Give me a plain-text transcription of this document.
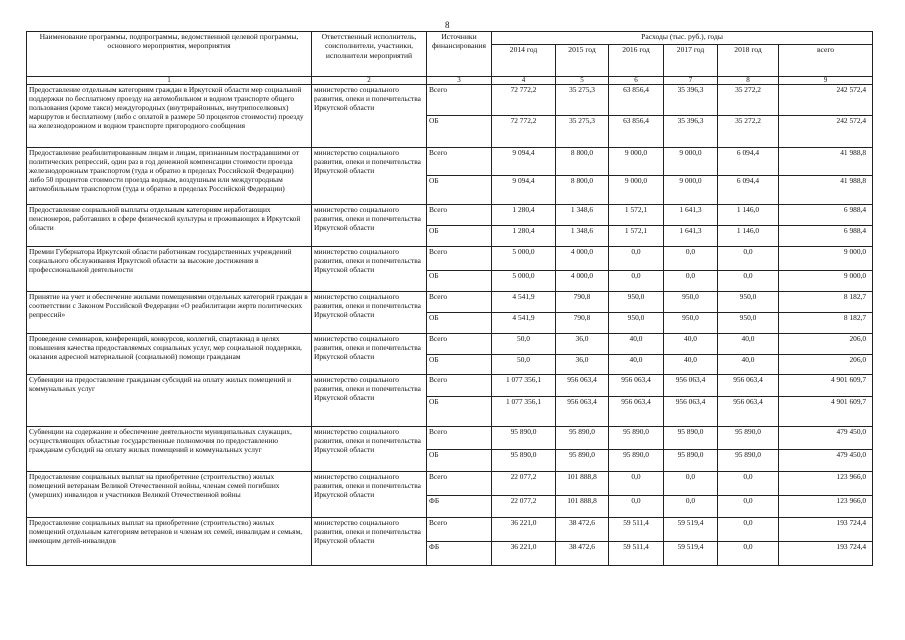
8
Наименование программы, подпрограммы, ведомственной целевой программы, основного мероприятия, мероприятия	Ответственный исполнитель, соисполнители, участники, исполнители мероприятий	Источники финансирования	Расходы (тыс. руб.), годы					
			2014 год	2015 год	2016 год	2017 год	2018 год	всего
1	2	3	4	5	6	7	8	9
Предоставление отдельным категориям граждан в Иркутской области мер социальной поддержки по бесплатному проезду на автомобильном и водном транспорте общего пользования (кроме такси) междугородных (внутрирайонных, внутрипоселковых) маршрутов и бесплатному (либо с оплатой в размере 50 процентов стоимости) проезду на железнодорожном и водном транспорте пригородного сообщения	министерство социального развития, опеки и попечительства Иркутской области	Всего	72 772,2	35 275,3	63 856,4	35 396,3	35 272,2	242 572,4
		ОБ	72 772,2	35 275,3	63 856,4	35 396,3	35 272,2	242 572,4
Предоставление реабилитированным лицам и лицам, признанным пострадавшими от политических репрессий, один раз в год денежной компенсации стоимости проезда железнодорожным транспортом (туда и обратно в пределах Российской Федерации) либо 50 процентов стоимости проезда водным, воздушным или междугородным автомобильным транспортом (туда и обратно в пределах Российской Федерации)	министерство социального развития, опеки и попечительства Иркутской области	Всего	9 094,4	8 800,0	9 000,0	9 000,0	6 094,4	41 988,8
		ОБ	9 094,4	8 800,0	9 000,0	9 000,0	6 094,4	41 988,8
Предоставление социальной выплаты отдельным категориям неработающих пенсионеров, работавших в сфере физической культуры и проживающих в Иркутской области	министерство социального развития, опеки и попечительства Иркутской области	Всего	1 280,4	1 348,6	1 572,1	1 641,3	1 146,0	6 988,4
		ОБ	1 280,4	1 348,6	1 572,1	1 641,3	1 146,0	6 988,4
Премии Губернатора Иркутской области работникам государственных учреждений социального обслуживания Иркутской области за высокие достижения в профессиональной деятельности	министерство социального развития, опеки и попечительства Иркутской области	Всего	5 000,0	4 000,0	0,0	0,0	0,0	9 000,0
		ОБ	5 000,0	4 000,0	0,0	0,0	0,0	9 000,0
Принятие на учет и обеспечение жилыми помещениями отдельных категорий граждан в соответствии с Законом Российской Федерации «О реабилитации жертв политических репрессий»	министерство социального развития, опеки и попечительства Иркутской области	Всего	4 541,9	790,8	950,0	950,0	950,0	8 182,7
		ОБ	4 541,9	790,8	950,0	950,0	950,0	8 182,7
Проведение семинаров, конференций, конкурсов, коллегий, спартакиад в целях повышения качества предоставляемых социальных услуг, мер социальной поддержки, оказания адресной материальной (социальной) помощи гражданам	министерство социального развития, опеки и попечительства Иркутской области	Всего	50,0	36,0	40,0	40,0	40,0	206,0
		ОБ	50,0	36,0	40,0	40,0	40,0	206,0
Субвенции на предоставление гражданам субсидий на оплату жилых помещений и коммунальных услуг	министерство социального развития, опеки и попечительства Иркутской области	Всего	1 077 356,1	956 063,4	956 063,4	956 063,4	956 063,4	4 901 609,7
		ОБ	1 077 356,1	956 063,4	956 063,4	956 063,4	956 063,4	4 901 609,7
Субвенции на содержание и обеспечение деятельности муниципальных служащих, осуществляющих областные государственные полномочия по предоставлению гражданам субсидий на оплату жилых помещений и коммунальных услуг	министерство социального развития, опеки и попечительства Иркутской области	Всего	95 890,0	95 890,0	95 890,0	95 890,0	95 890,0	479 450,0
		ОБ	95 890,0	95 890,0	95 890,0	95 890,0	95 890,0	479 450,0
Предоставление социальных выплат на приобретение (строительство) жилых помещений ветеранам Великой Отечественной войны, членам семей погибших (умерших) инвалидов и участников Великой Отечественной войны	министерство социального развития, опеки и попечительства Иркутской области	Всего	22 077,2	101 888,8	0,0	0,0	0,0	123 966,0
		ФБ	22 077,2	101 888,8	0,0	0,0	0,0	123 966,0
Предоставление социальных выплат на приобретение (строительство) жилых помещений отдельным категориям ветеранов и членам их семей, инвалидам и семьям, имеющим детей-инвалидов	министерство социального развития, опеки и попечительства Иркутской области	Всего	36 221,0	38 472,6	59 511,4	59 519,4	0,0	193 724,4
		ФБ	36 221,0	38 472,6	59 511,4	59 519,4	0,0	193 724,4
